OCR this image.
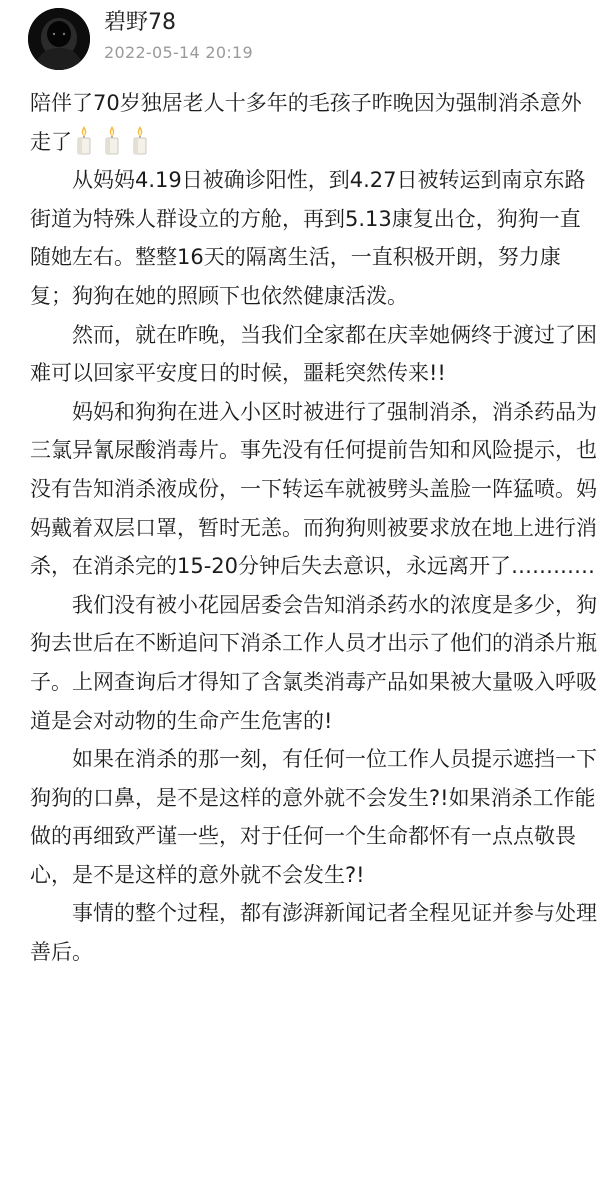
碧野78
2022-05-14 20:19

陪伴了70岁独居老人十多年的毛孩子昨晚因为强制消杀意外走了

从妈妈4.19日被确诊阳性，到4.27日被转运到南京东路街道为特殊人群设立的方舱，再到5.13康复出仓，狗狗一直随她左右。整整16天的隔离生活，一直积极开朗，努力康复；狗狗在她的照顾下也依然健康活泼。

然而，就在昨晚，当我们全家都在庆幸她俩终于渡过了困难可以回家平安度日的时候，噩耗突然传来!!

妈妈和狗狗在进入小区时被进行了强制消杀，消杀药品为三氯异氰尿酸消毒片。事先没有任何提前告知和风险提示，也没有告知消杀液成份，一下转运车就被劈头盖脸一阵猛喷。妈妈戴着双层口罩，暂时无恙。而狗狗则被要求放在地上进行消杀，在消杀完的15-20分钟后失去意识，永远离开了…………

我们没有被小花园居委会告知消杀药水的浓度是多少，狗狗去世后在不断追问下消杀工作人员才出示了他们的消杀片瓶子。上网查询后才得知了含氯类消毒产品如果被大量吸入呼吸道是会对动物的生命产生危害的!

如果在消杀的那一刻，有任何一位工作人员提示遮挡一下狗狗的口鼻，是不是这样的意外就不会发生?!如果消杀工作能做的再细致严谨一些，对于任何一个生命都怀有一点点敬畏心，是不是这样的意外就不会发生?!

事情的整个过程，都有澎湃新闻记者全程见证并参与处理善后。
